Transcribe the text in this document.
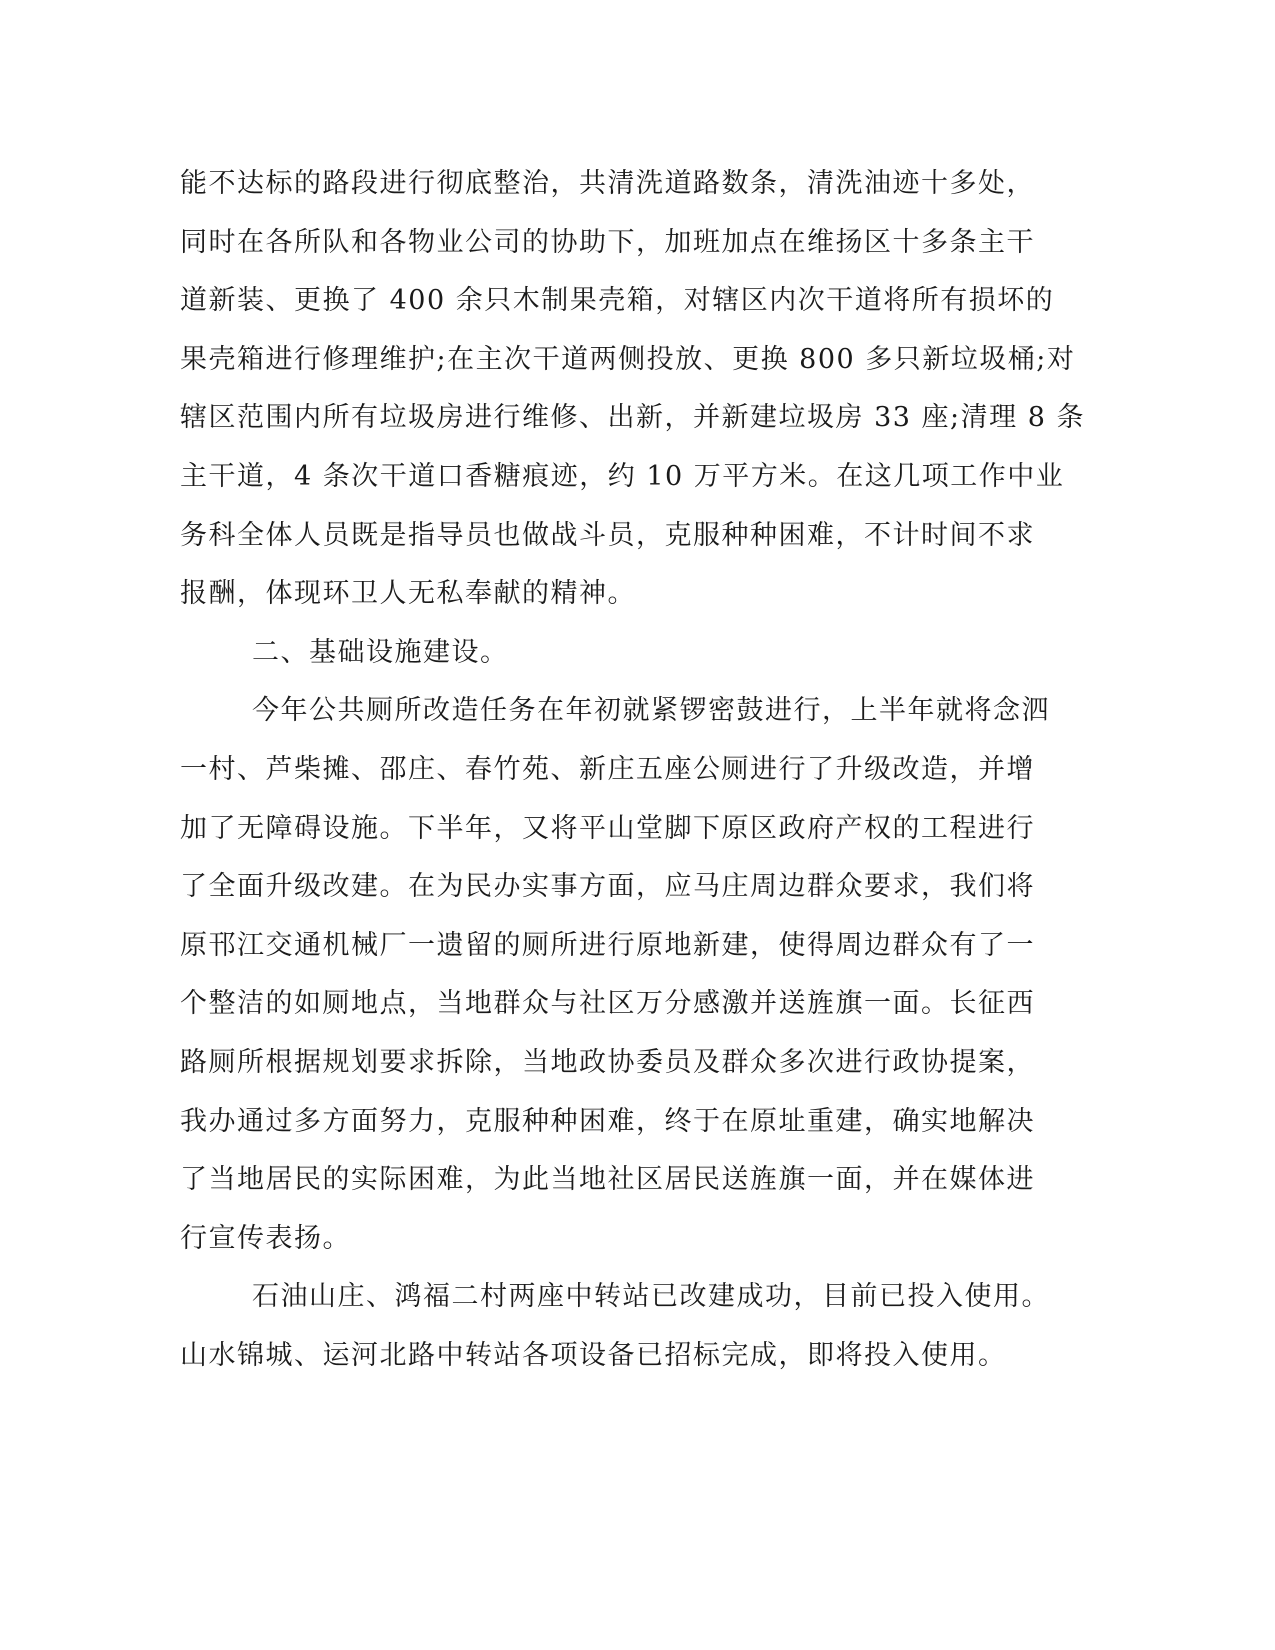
能不达标的路段进行彻底整治，共清洗道路数条，清洗油迹十多处，
同时在各所队和各物业公司的协助下，加班加点在维扬区十多条主干
道新装、更换了 400 余只木制果壳箱，对辖区内次干道将所有损坏的
果壳箱进行修理维护;在主次干道两侧投放、更换 800 多只新垃圾桶;对
辖区范围内所有垃圾房进行维修、出新，并新建垃圾房 33 座;清理 8 条
主干道，4 条次干道口香糖痕迹，约 10 万平方米。在这几项工作中业
务科全体人员既是指导员也做战斗员，克服种种困难，不计时间不求
报酬，体现环卫人无私奉献的精神。
二、基础设施建设。
今年公共厕所改造任务在年初就紧锣密鼓进行，上半年就将念泗
一村、芦柴摊、邵庄、春竹苑、新庄五座公厕进行了升级改造，并增
加了无障碍设施。下半年，又将平山堂脚下原区政府产权的工程进行
了全面升级改建。在为民办实事方面，应马庄周边群众要求，我们将
原邗江交通机械厂一遗留的厕所进行原地新建，使得周边群众有了一
个整洁的如厕地点，当地群众与社区万分感激并送旌旗一面。长征西
路厕所根据规划要求拆除，当地政协委员及群众多次进行政协提案，
我办通过多方面努力，克服种种困难，终于在原址重建，确实地解决
了当地居民的实际困难，为此当地社区居民送旌旗一面，并在媒体进
行宣传表扬。
石油山庄、鸿福二村两座中转站已改建成功，目前已投入使用。
山水锦城、运河北路中转站各项设备已招标完成，即将投入使用。
